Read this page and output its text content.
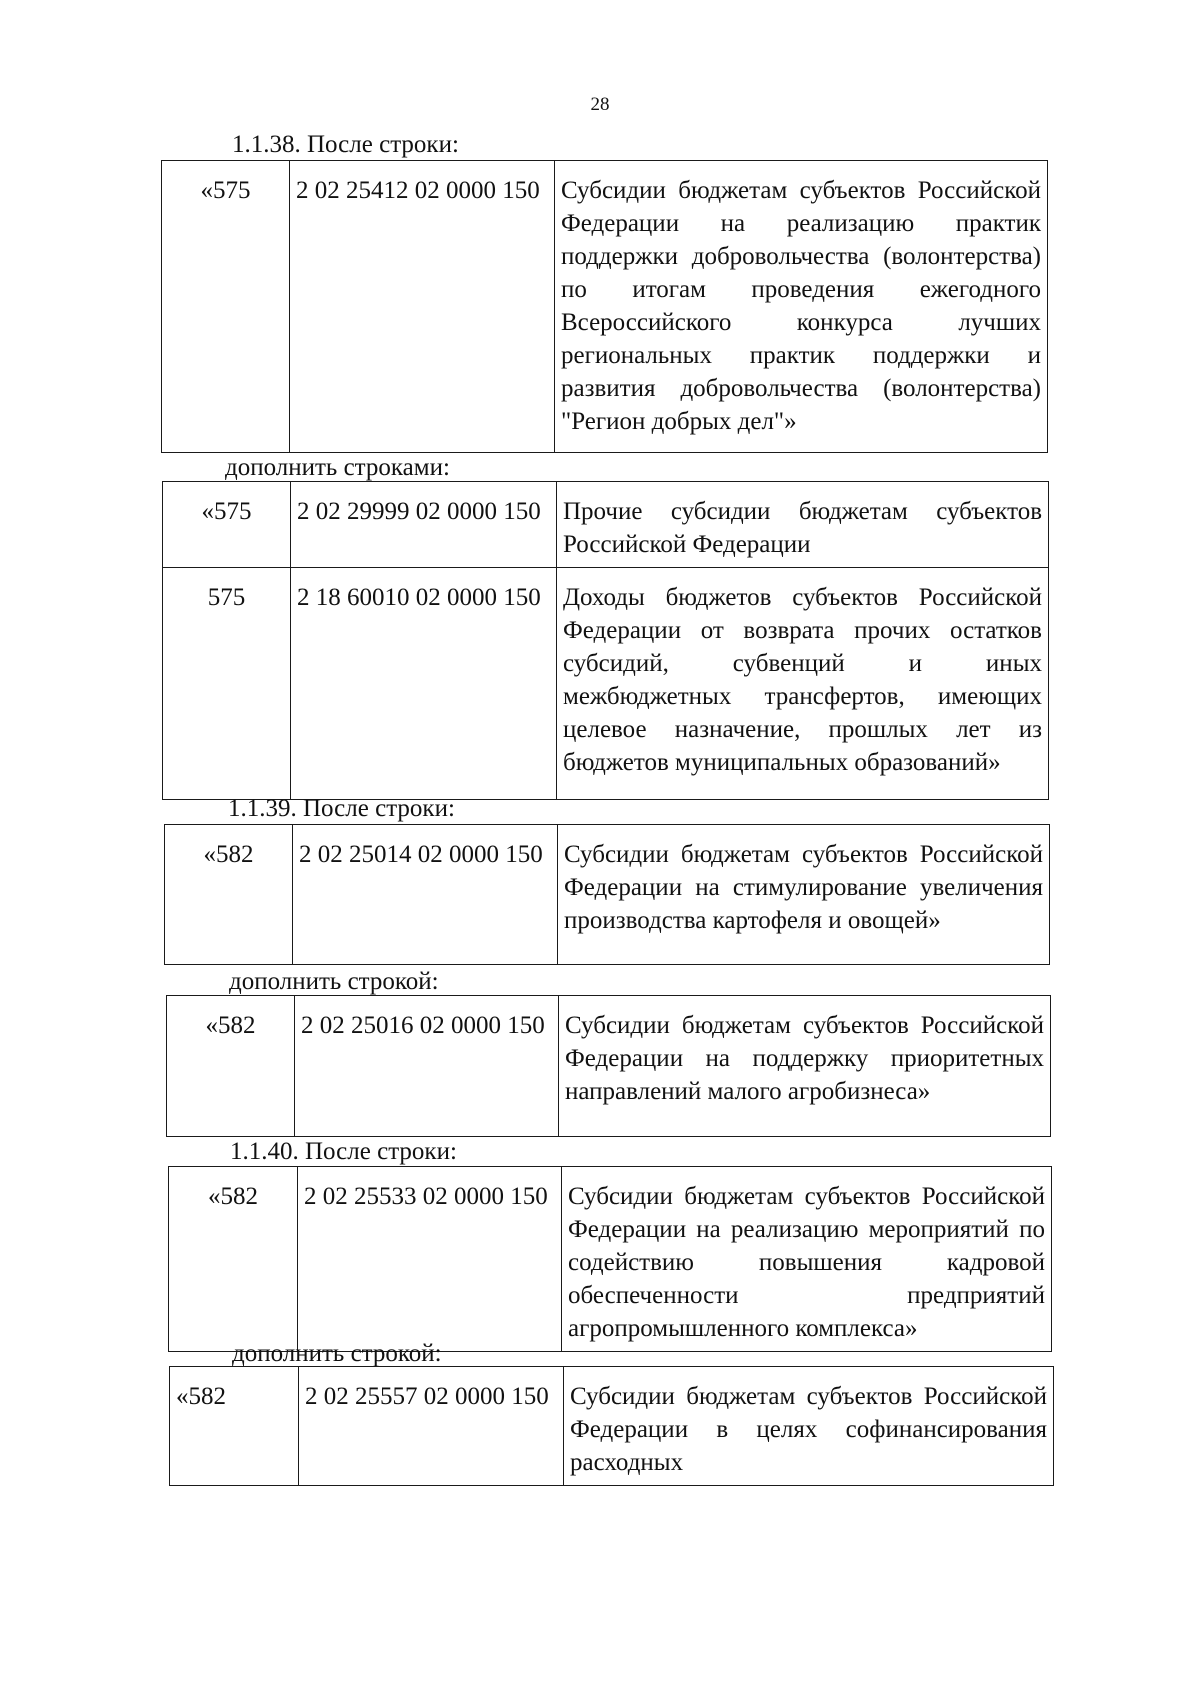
28
1.1.38. После строки:
«575	2 02 25412 02 0000 150	Субсидии бюджетам субъектов Российской Федерации на реализацию практик поддержки добровольчества (волонтерства) по итогам проведения ежегодного Всероссийского конкурса лучших региональных практик поддержки и развития добровольчества (волонтерства) "Регион добрых дел"»
дополнить строками:
«575	2 02 29999 02 0000 150	Прочие субсидии бюджетам субъектов Российской Федерации
575	2 18 60010 02 0000 150	Доходы бюджетов субъектов Российской Федерации от возврата прочих остатков субсидий, субвенций и иных межбюджетных трансфертов, имеющих целевое назначение, прошлых лет из бюджетов муниципальных образований»
1.1.39. После строки:
«582	2 02 25014 02 0000 150	Субсидии бюджетам субъектов Российской Федерации на стимулирование увеличения производства картофеля и овощей»
дополнить строкой:
«582	2 02 25016 02 0000 150	Субсидии бюджетам субъектов Российской Федерации на поддержку приоритетных направлений малого агробизнеса»
1.1.40. После строки:
«582	2 02 25533 02 0000 150	Субсидии бюджетам субъектов Российской Федерации на реализацию мероприятий по содействию повышения кадровой обеспеченности предприятий агропромышленного комплекса»
дополнить строкой:
«582	2 02 25557 02 0000 150	Субсидии бюджетам субъектов Российской Федерации в целях софинансирования расходных
